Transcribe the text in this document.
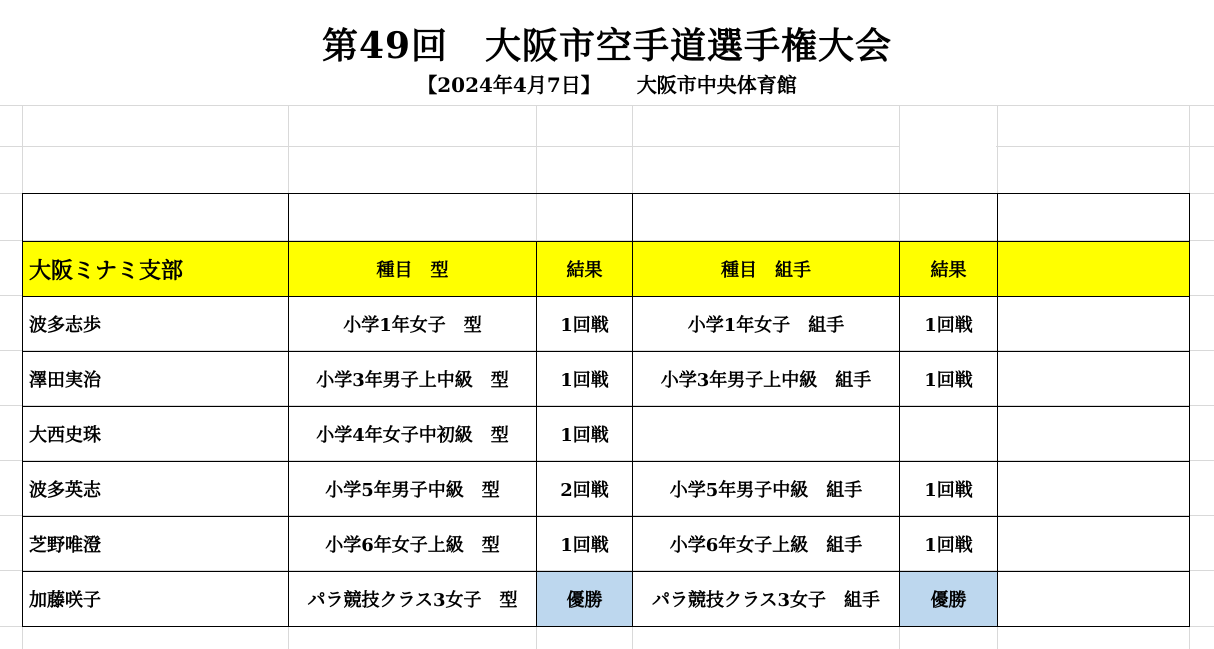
第49回　大阪市空手道選手権大会
【2024年4月7日】 大阪市中央体育館

大阪ミナミ支部	種目　型	結果	種目　組手	結果	
波多志歩	小学1年女子　型	1回戦	小学1年女子　組手	1回戦	
澤田実治	小学3年男子上中級　型	1回戦	小学3年男子上中級　組手	1回戦	
大西史珠	小学4年女子中初級　型	1回戦			
波多英志	小学5年男子中級　型	2回戦	小学5年男子中級　組手	1回戦	
芝野唯澄	小学6年女子上級　型	1回戦	小学6年女子上級　組手	1回戦	
加藤咲子	パラ競技クラス3女子　型	優勝	パラ競技クラス3女子　組手	優勝	
